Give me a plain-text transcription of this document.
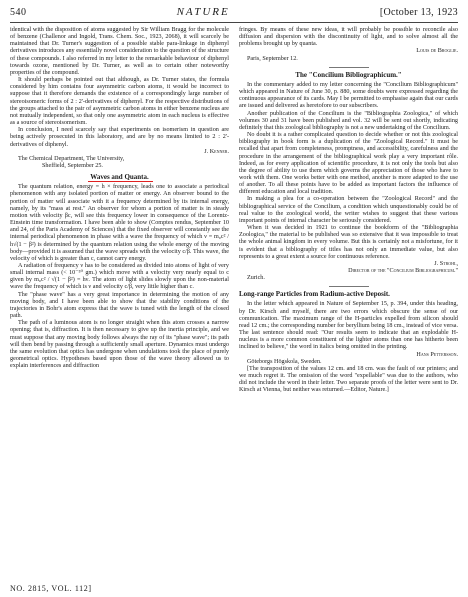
540	NATURE	[October 13, 1923

identical with the disposition of atoms suggested by Sir William Bragg for the molecule of benzene (Challenor and Ingold, Trans. Chem. Soc., 1923, 2068), it will scarcely be maintained that Dr. Turner's suggestion of a possible stable para-linkage in diphenyl derivatives introduces any essentially novel consideration to the question of the structure of these compounds. I also referred in my letter to the remarkable behaviour of diphenyl towards ozone, mentioned by Dr. Turner, as well as to certain other noteworthy properties of the compound.

It should perhaps be pointed out that although, as Dr. Turner states, the formula considered by him contains four asymmetric carbon atoms, it would be incorrect to suppose that it therefore demands the existence of a correspondingly large number of stereoisomeric forms of 2 : 2'-derivatives of diphenyl. For the respective distributions of the groups attached to the pair of asymmetric carbon atoms in either benzene nucleus are not mutually independent, so that only one asymmetric atom in each nucleus is effective as a source of stereoisomerism.

In conclusion, I need scarcely say that experiments on isomerism in question are being actively prosecuted in this laboratory, and are by no means limited to 2 : 2'-derivatives of diphenyl.

J. Kenner.

The Chemical Department, The University,

Sheffield, September 25.

Waves and Quanta.

The quantum relation, energy = h × frequency, leads one to associate a periodical phenomenon with any isolated portion of matter or energy. An observer bound to the portion of matter will associate with it a frequency determined by its internal energy, namely, by its "mass at rest." An observer for whom a portion of matter is in steady motion with velocity βc, will see this frequency lower in consequence of the Lorentz-Einstein time transformation. I have been able to show (Comptes rendus, September 10 and 24, of the Paris Academy of Sciences) that the fixed observer will constantly see the internal periodical phenomenon in phase with a wave the frequency of which ν = m₀c² / h√(1 − β²) is determined by the quantum relation using the whole energy of the moving body—provided it is assumed that the wave spreads with the velocity c/β. This wave, the velocity of which is greater than c, cannot carry energy.

A radiation of frequency ν has to be considered as divided into atoms of light of very small internal mass (< 10⁻⁵⁰ gm.) which move with a velocity very nearly equal to c given by m₀c² / √(1 − β²) = hν. The atom of light slides slowly upon the non-material wave the frequency of which is ν and velocity c/β, very little higher than c.

The "phase wave" has a very great importance in determining the motion of any moving body, and I have been able to show that the stability conditions of the trajectories in Bohr's atom express that the wave is tuned with the length of the closed path.

The path of a luminous atom is no longer straight when this atom crosses a narrow opening; that is, diffraction. It is then necessary to give up the inertia principle, and we must suppose that any moving body follows always the ray of its "phase wave"; its path will then bend by passing through a sufficiently small aperture. Dynamics must undergo the same evolution that optics has undergone when undulations took the place of purely geometrical optics. Hypotheses based upon those of the wave theory allowed us to explain interferences and diffraction

fringes. By means of these new ideas, it will probably be possible to reconcile also diffusion and dispersion with the discontinuity of light, and to solve almost all the problems brought up by quanta.

Louis de Broglie.

Paris, September 12.

The "Concilium Bibliographicum."

In the commentary added to my letter concerning the "Concilium Bibliographicum" which appeared in Nature of June 30, p. 880, some doubts were expressed regarding the continuous appearance of its cards. May I be permitted to emphasise again that our cards are issued and delivered as heretofore to our subscribers.

Another publication of the Concilium is the "Bibliographia Zoologica," of which volumes 30 and 31 have been published and vol. 32 will be sent out shortly, indicating definitely that this zoological bibliography is not a new undertaking of the Concilium.

No doubt it is a rather complicated question to decide whether or not this zoological bibliography in book form is a duplication of the "Zoological Record." It must be recalled that apart from completeness, promptness, and accessibility, carefulness and the procedure in the arrangement of the bibliographical work play a very important rôle. Indeed, as for every application of scientific procedure, it is not only the tools but also the degree of ability to use them which governs the appreciation of those who have to work with them. One works better with one method, another is more adapted to the use of another. To all these points have to be added as important factors the influence of different education and local tradition.

In making a plea for a co-operation between the "Zoological Record" and the bibliographical service of the Concilium, a condition which unquestionably could be of real value to the zoological world, the writer wishes to suggest that these various important points of internal character be seriously considered.

When it was decided in 1921 to continue the bookform of the "Bibliographia Zoologica," the material to be published was so extensive that it was impossible to treat the whole animal kingdom in every volume. But this is certainly not a misfortune, for it is evident that a bibliography of titles has not only an immediate value, but also represents to a great extent a source for continuous reference.

J. Strohl,

Director of the "Concilium Bibliographicum."

Zurich.

Long-range Particles from Radium-active Deposit.

In the letter which appeared in Nature of September 15, p. 394, under this heading, by Dr. Kirsch and myself, there are two errors which obscure the sense of our communication. The maximum range of the H-particles expelled from silicon should read 12 cm.; the corresponding number for beryllium being 18 cm., instead of vice versa. The last sentence should read: "Our results seem to indicate that an explodable H-nucleus is a more common constituent of the lighter atoms than one has hitherto been inclined to believe," the word in italics being omitted in the printing.

Hans Pettersson.

Göteborgs Högskola, Sweden.

[The transposition of the values 12 cm. and 18 cm. was the fault of our printers; and we much regret it. The omission of the word "expellable" was due to the authors, who did not include the word in their letter. Two separate proofs of the letter were sent to Dr. Kirsch at Vienna, but neither was returned.—Editor, Nature.]

NO. 2815, VOL. 112]
